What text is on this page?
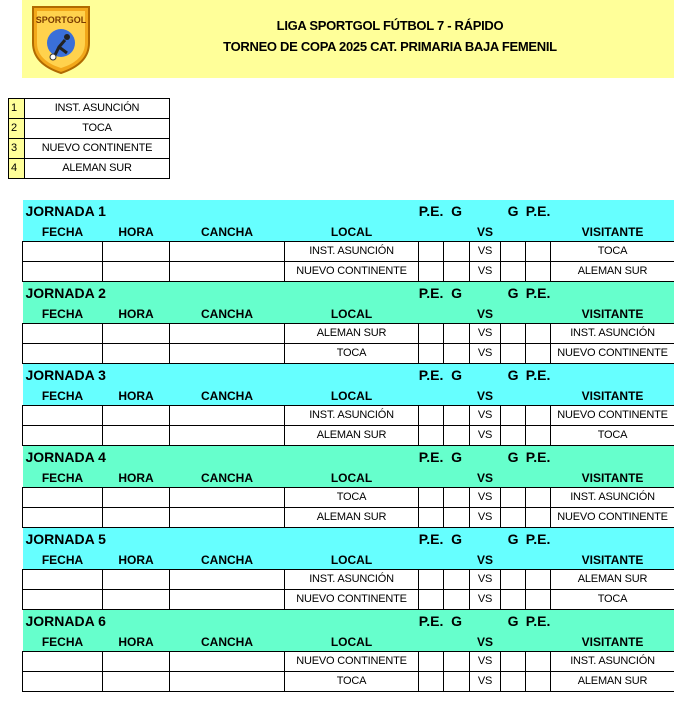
SPORTGOL	LIGA SPORTGOL FÚTBOL 7 - RÁPIDO
TORNEO DE COPA 2025 CAT. PRIMARIA BAJA FEMENIL
1	INST. ASUNCIÓN
2	TOCA
3	NUEVO CONTINENTE
4	ALEMAN SUR
JORNADA 1				P.E.	G		G	P.E.	
FECHA	HORA	CANCHA	LOCAL			VS			VISITANTE
			INST. ASUNCIÓN			VS			TOCA
			NUEVO CONTINENTE			VS			ALEMAN SUR
JORNADA 2				P.E.	G		G	P.E.	
FECHA	HORA	CANCHA	LOCAL			VS			VISITANTE
			ALEMAN SUR			VS			INST. ASUNCIÓN
			TOCA			VS			NUEVO CONTINENTE
JORNADA 3				P.E.	G		G	P.E.	
FECHA	HORA	CANCHA	LOCAL			VS			VISITANTE
			INST. ASUNCIÓN			VS			NUEVO CONTINENTE
			ALEMAN SUR			VS			TOCA
JORNADA 4				P.E.	G		G	P.E.	
FECHA	HORA	CANCHA	LOCAL			VS			VISITANTE
			TOCA			VS			INST. ASUNCIÓN
			ALEMAN SUR			VS			NUEVO CONTINENTE
JORNADA 5				P.E.	G		G	P.E.	
FECHA	HORA	CANCHA	LOCAL			VS			VISITANTE
			INST. ASUNCIÓN			VS			ALEMAN SUR
			NUEVO CONTINENTE			VS			TOCA
JORNADA 6				P.E.	G		G	P.E.	
FECHA	HORA	CANCHA	LOCAL			VS			VISITANTE
			NUEVO CONTINENTE			VS			INST. ASUNCIÓN
			TOCA			VS			ALEMAN SUR
